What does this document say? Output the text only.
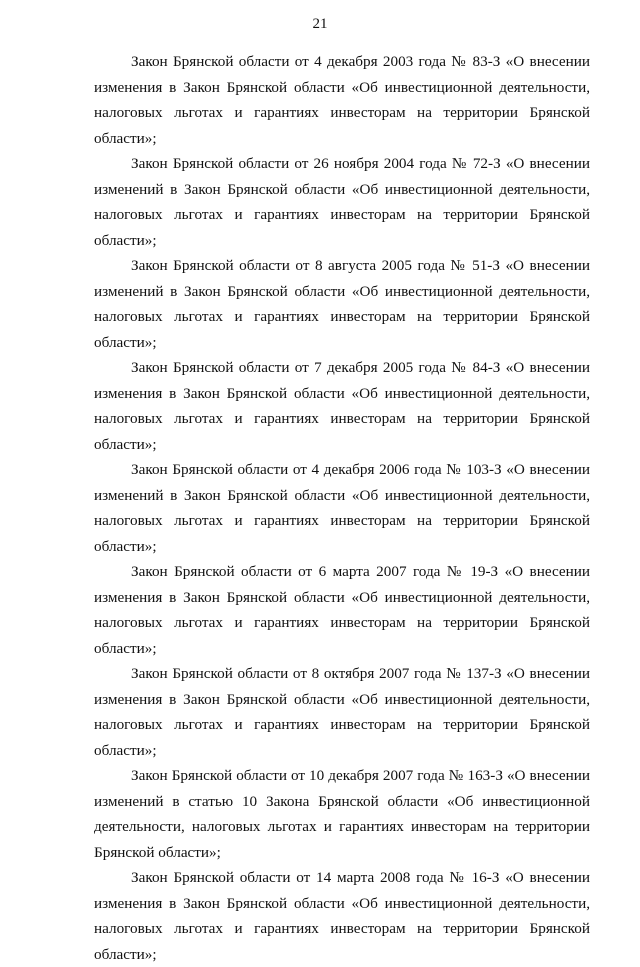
21

Закон Брянской области от 4 декабря 2003 года № 83-З «О внесении изменения в Закон Брянской области «Об инвестиционной деятельности, налоговых льготах и гарантиях инвесторам на территории Брянской области»;

Закон Брянской области от 26 ноября 2004 года № 72-З «О внесении изменений в Закон Брянской области «Об инвестиционной деятельности, налоговых льготах и гарантиях инвесторам на территории Брянской области»;

Закон Брянской области от 8 августа 2005 года № 51-З «О внесении изменений в Закон Брянской области «Об инвестиционной деятельности, налоговых льготах и гарантиях инвесторам на территории Брянской области»;

Закон Брянской области от 7 декабря 2005 года № 84-З «О внесении изменения в Закон Брянской области «Об инвестиционной деятельности, налоговых льготах и гарантиях инвесторам на территории Брянской области»;

Закон Брянской области от 4 декабря 2006 года № 103-З «О внесении изменений в Закон Брянской области «Об инвестиционной деятельности, налоговых льготах и гарантиях инвесторам на территории Брянской области»;

Закон Брянской области от 6 марта 2007 года № 19-З «О внесении изменения в Закон Брянской области «Об инвестиционной деятельности, налоговых льготах и гарантиях инвесторам на территории Брянской области»;

Закон Брянской области от 8 октября 2007 года № 137-З «О внесении изменения в Закон Брянской области «Об инвестиционной деятельности, налоговых льготах и гарантиях инвесторам на территории Брянской области»;

Закон Брянской области от 10 декабря 2007 года № 163-З «О внесении изменений в статью 10 Закона Брянской области «Об инвестиционной деятельности, налоговых льготах и гарантиях инвесторам на территории Брянской области»;

Закон Брянской области от 14 марта 2008 года № 16-З «О внесении изменения в Закон Брянской области «Об инвестиционной деятельности, налоговых льготах и гарантиях инвесторам на территории Брянской области»;
